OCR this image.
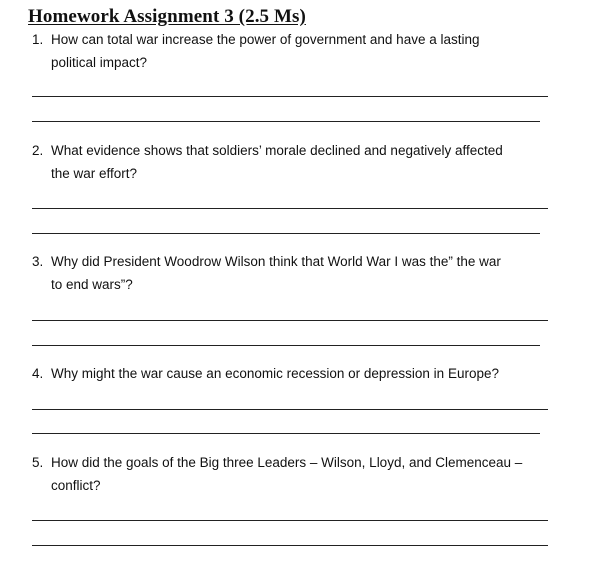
Homework Assignment 3 (2.5 Ms)
1. How can total war increase the power of government and have a lasting
political impact?
2. What evidence shows that soldiers’ morale declined and negatively affected
the war effort?
3. Why did President Woodrow Wilson think that World War I was the” the war
to end wars”?
4. Why might the war cause an economic recession or depression in Europe?
5. How did the goals of the Big three Leaders – Wilson, Lloyd, and Clemenceau –
conflict?
